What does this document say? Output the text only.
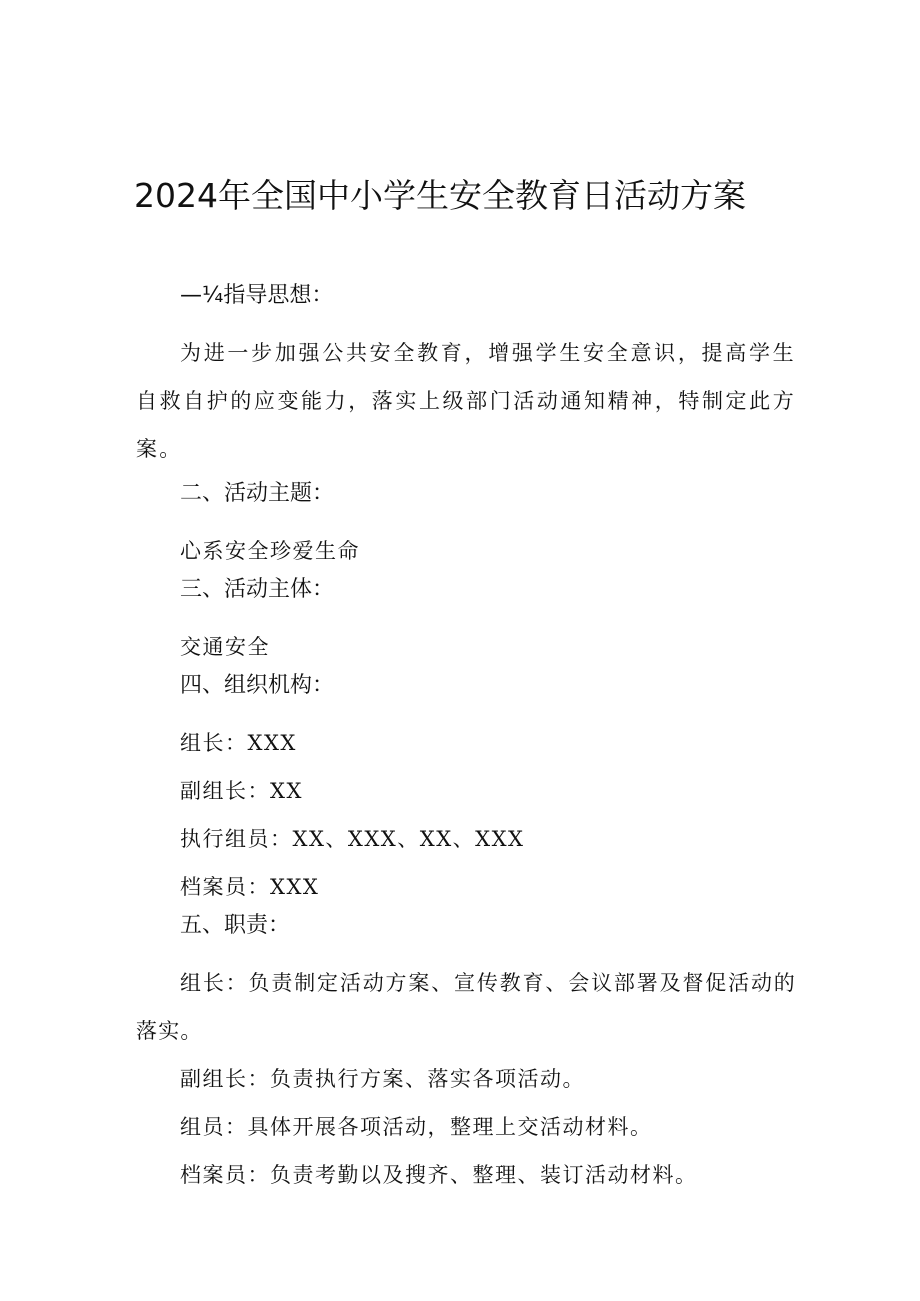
2024年全国中小学生安全教育日活动方案

—¼指导思想：

为进一步加强公共安全教育，增强学生安全意识，提高学生自救自护的应变能力，落实上级部门活动通知精神，特制定此方案。

二、活动主题：

心系安全珍爱生命

三、活动主体：

交通安全

四、组织机构：

组长：XXX

副组长：XX

执行组员：XX、XXX、XX、XXX

档案员：XXX

五、职责：

组长：负责制定活动方案、宣传教育、会议部署及督促活动的落实。

副组长：负责执行方案、落实各项活动。

组员：具体开展各项活动，整理上交活动材料。

档案员：负责考勤以及搜齐、整理、装订活动材料。
